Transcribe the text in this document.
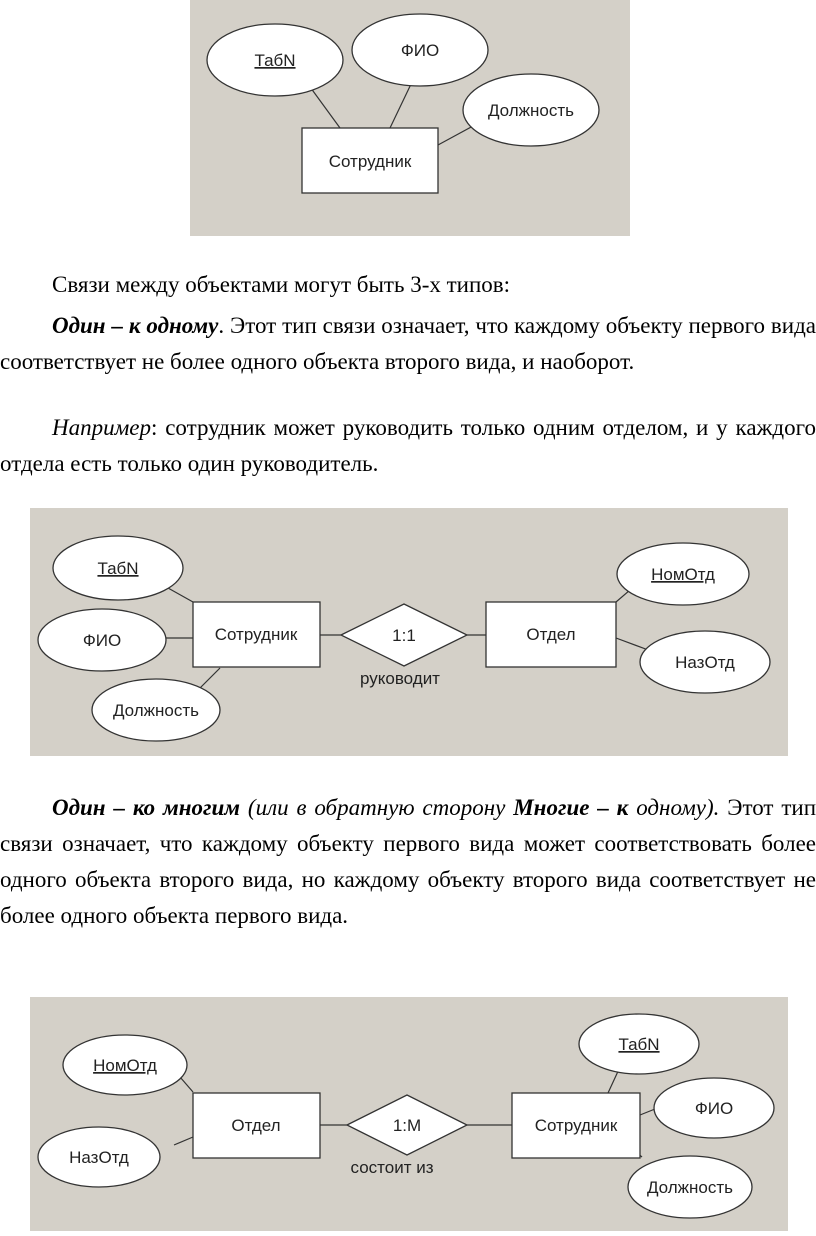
ТабN
ФИО
Должность
Сотрудник

Связи между объектами могут быть 3-х типов:

Один – к одному. Этот тип связи означает, что каждому объекту первого вида соответствует не более одного объекта второго вида, и наоборот.

Например: сотрудник может руководить только одним отделом, и у каждого отдела есть только один руководитель.

ТабN
ФИО
Должность
Сотрудник	1:1
руководит
Отдел
НомОтд
НазОтд

Один – ко многим (или в обратную сторону Многие – к одному). Этот тип связи означает, что каждому объекту первого вида может соответствовать более одного объекта второго вида, но каждому объекту второго вида соответствует не более одного объекта первого вида.

НомОтд
НазОтд
Отдел	1:M
состоит из
Сотрудник
ТабN
ФИО
Должность
